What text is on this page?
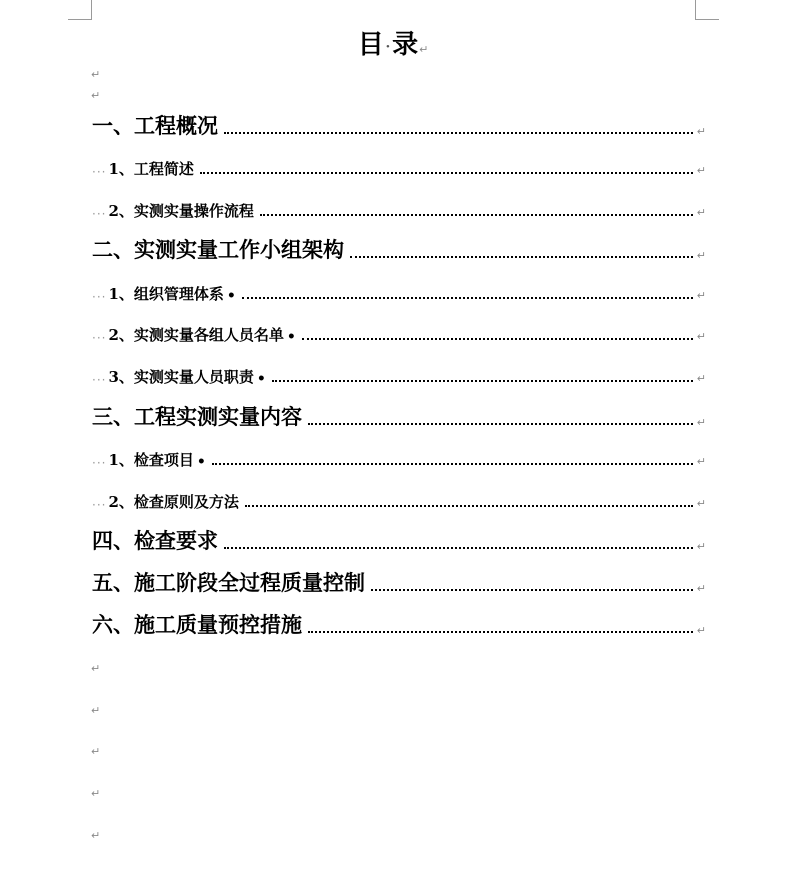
目·录↵
↵
↵
一、工程概况	↵
··· 1、工程简述	↵
··· 2、实测实量操作流程	↵
二、实测实量工作小组架构	↵
··· 1、组织管理体系 •	↵
··· 2、实测实量各组人员名单 •	↵
··· 3、实测实量人员职责 •	↵
三、工程实测实量内容	↵
··· 1、检查项目 •	↵
··· 2、检查原则及方法	↵
四、检查要求	↵
五、施工阶段全过程质量控制	↵
六、施工质量预控措施	↵
↵
↵
↵
↵
↵
